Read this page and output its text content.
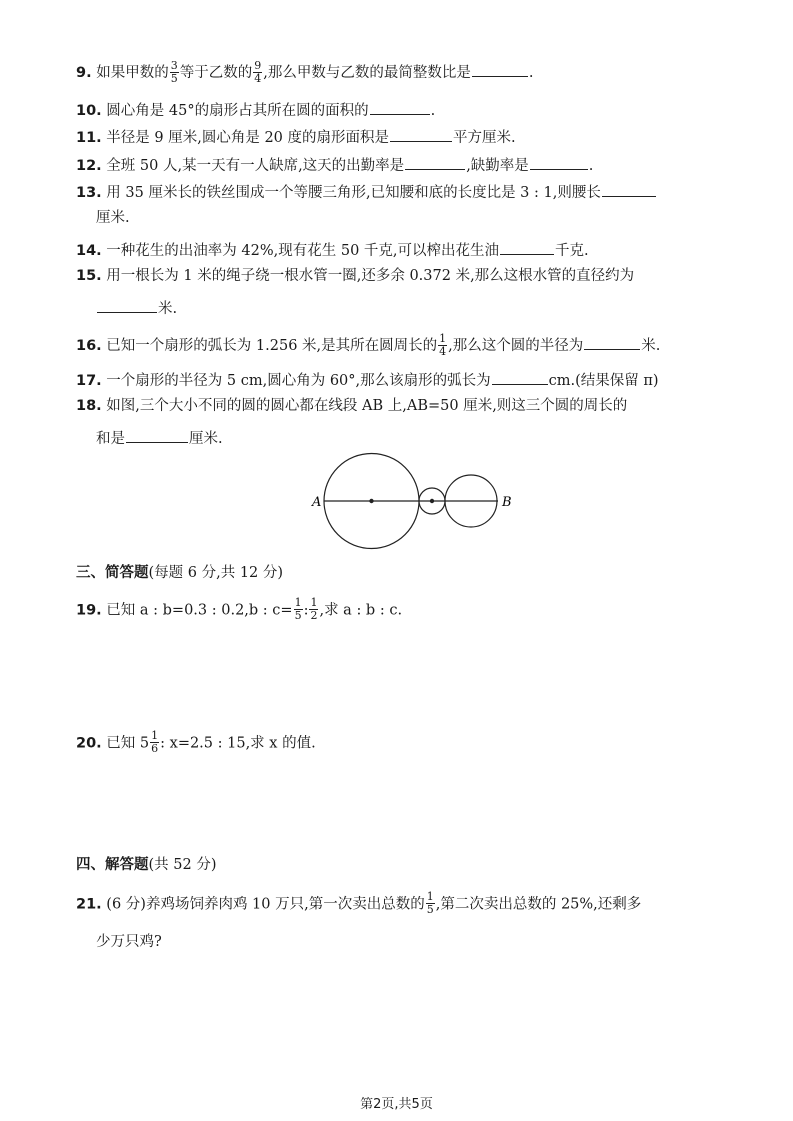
9. 如果甲数的 $\frac{3}{5}$ 等于乙数的 $\frac{9}{4}$ ,那么甲数与乙数的最简整数比是	.
10. 圆心角是 45°的扇形占其所在圆的面积的	.
11. 半径是 9 厘米,圆心角是 20 度的扇形面积是	平方厘米.
12. 全班 50 人,某一天有一人缺席,这天的出勤率是	,缺勤率是	.
13. 用 35 厘米长的铁丝围成一个等腰三角形,已知腰和底的长度比是 3 : 1,则腰长
厘米.
14. 一种花生的出油率为 42%,现有花生 50 千克,可以榨出花生油	千克.
15. 用一根长为 1 米的绳子绕一根水管一圈,还多余 0.372 米,那么这根水管的直径约为
米.
16. 已知一个扇形的弧长为 1.256 米,是其所在圆周长的 $\frac{1}{4}$ ,那么这个圆的半径为	米.
17. 一个扇形的半径为 5 cm,圆心角为 60°,那么该扇形的弧长为	cm.(结果保留 π)
18. 如图,三个大小不同的圆的圆心都在线段 AB 上,AB=50 厘米,则这三个圆的周长的
和是	厘米.
A	B
三、简答题(每题 6 分,共 12 分)
19. 已知 a : b=0.3 : 0.2,b : $c= \frac{1}{5}$ : $\frac{1}{2}$ ,求 a : b : c.
20. 已知 $5 \frac{1}{6}$ : x=2.5 : 15,求 x 的值.
四、解答题(共 52 分)
21. (6 分)养鸡场饲养肉鸡 10 万只,第一次卖出总数的 $\frac{1}{5}$ ,第二次卖出总数的 25%,还剩多
少万只鸡?
第2页,共5页
